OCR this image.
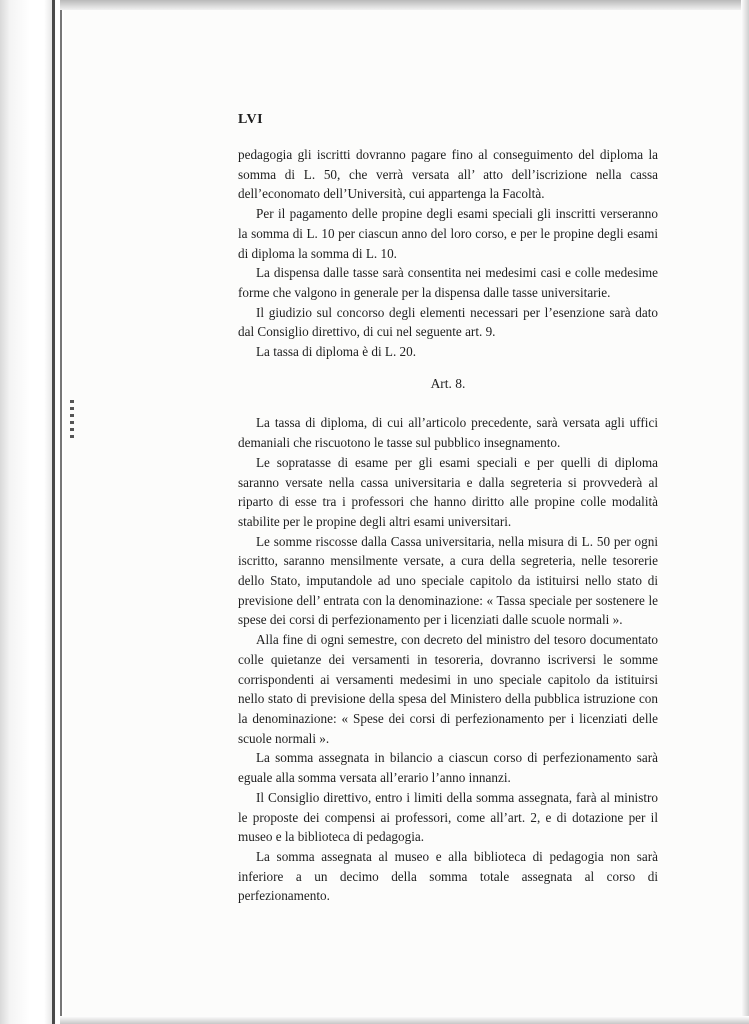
LVI

pedagogia gli iscritti dovranno pagare fino al conseguimento del diploma la somma di L. 50, che verrà versata all’ atto dell’iscrizione nella cassa dell’economato dell’Università, cui appartenga la Facoltà.

Per il pagamento delle propine degli esami speciali gli inscritti verseranno la somma di L. 10 per ciascun anno del loro corso, e per le propine degli esami di diploma la somma di L. 10.

La dispensa dalle tasse sarà consentita nei medesimi casi e colle medesime forme che valgono in generale per la dispensa dalle tasse universitarie.

Il giudizio sul concorso degli elementi necessari per l’esenzione sarà dato dal Consiglio direttivo, di cui nel seguente art. 9.

La tassa di diploma è di L. 20.

Art. 8.

La tassa di diploma, di cui all’articolo precedente, sarà versata agli uffici demaniali che riscuotono le tasse sul pubblico insegnamento.

Le sopratasse di esame per gli esami speciali e per quelli di diploma saranno versate nella cassa universitaria e dalla segreteria si provvederà al riparto di esse tra i professori che hanno diritto alle propine colle modalità stabilite per le propine degli altri esami universitari.

Le somme riscosse dalla Cassa universitaria, nella misura di L. 50 per ogni iscritto, saranno mensilmente versate, a cura della segreteria, nelle tesorerie dello Stato, imputandole ad uno speciale capitolo da istituirsi nello stato di previsione dell’ entrata con la denominazione: « Tassa speciale per sostenere le spese dei corsi di perfezionamento per i licenziati dalle scuole normali ».

Alla fine di ogni semestre, con decreto del ministro del tesoro documentato colle quietanze dei versamenti in tesoreria, dovranno iscriversi le somme corrispondenti ai versamenti medesimi in uno speciale capitolo da istituirsi nello stato di previsione della spesa del Ministero della pubblica istruzione con la denominazione: « Spese dei corsi di perfezionamento per i licenziati delle scuole normali ».

La somma assegnata in bilancio a ciascun corso di perfezionamento sarà eguale alla somma versata all’erario l’anno innanzi.

Il Consiglio direttivo, entro i limiti della somma assegnata, farà al ministro le proposte dei compensi ai professori, come all’art. 2, e di dotazione per il museo e la biblioteca di pedagogia.

La somma assegnata al museo e alla biblioteca di pedagogia non sarà inferiore a un decimo della somma totale assegnata al corso di perfezionamento.
